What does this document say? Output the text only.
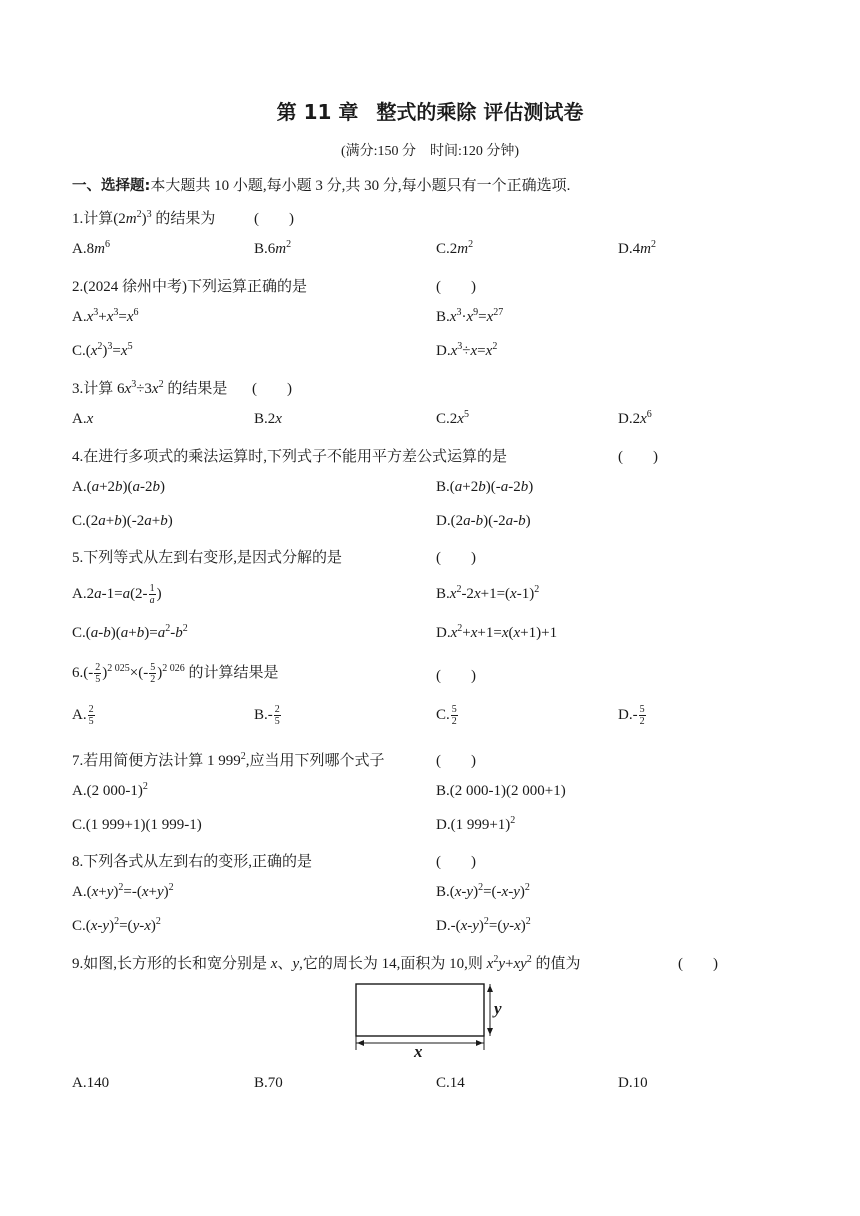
第 11 章 整式的乘除 评估测试卷
(满分:150 分 时间:120 分钟)
一、选择题:本大题共 10 小题,每小题 3 分,共 30 分,每小题只有一个正确选项.
1.计算$(2m^2)^3$ 的结果为	(　　)
$A.8m^6$	$B.6m^2$	$C.2m^2$	$D.4m^2$
2.(2024 徐州中考)下列运算正确的是	(　　)
$A.x^3+x^3=x^6$	$B.x^3\cdot x^9=x^{27}$
$C.(x^2)^3=x^5$	$D.x^3\div x=x^2$
3.计算 $6x^3\div 3x^2$ 的结果是 (　　)
A.x	B.2x	$C.2x^5$	$D.2x^6$
4.在进行多项式的乘法运算时,下列式子不能用平方差公式运算的是	(　　)
A.(a+2b)(a-2b)	B.(a+2b)(-a-2b)
C.(2a+b)(-2a+b)	D.(2a-b)(-2a-b)
5.下列等式从左到右变形,是因式分解的是	(　　)
$A.2a-1=a(2- \frac{1}{a}$ )	$B.x^2-2x+1=(x-1)^2$
$C.(a-b)(a+b)=a^2-b^2$	$D.x^2+x+1=x(x+1)+1$
$6.(- \frac{2}{5} )^{2 025}\times(- \frac{5}{2} )^{2 026}$ 的计算结果是	(　　)
A. $\frac{2}{5}$	$B.- \frac{2}{5}$	C. $\frac{5}{2}$	$D.- \frac{5}{2}$
7.若用简便方法计算 1 $999^2$,应当用下列哪个式子	(　　)
A.(2 000-1)$^2$	B.(2 000-1)(2 000+1)
C.(1 999+1)(1 999-1)	D.(1 999+1)$^2$
8.下列各式从左到右的变形,正确的是	(　　)
$A.(x+y)^2=-(x+y)^2$	$B.(x-y)^2=(-x-y)^2$
$C.(x-y)^2=(y-x)^2$	$D.-(x-y)^2=(y-x)^2$
9.如图,长方形的长和宽分别是 x、y,它的周长为 14,面积为 10,则 $x^2y+xy^2$ 的值为	(　　)
y
x
A.140	B.70	C.14	D.10
